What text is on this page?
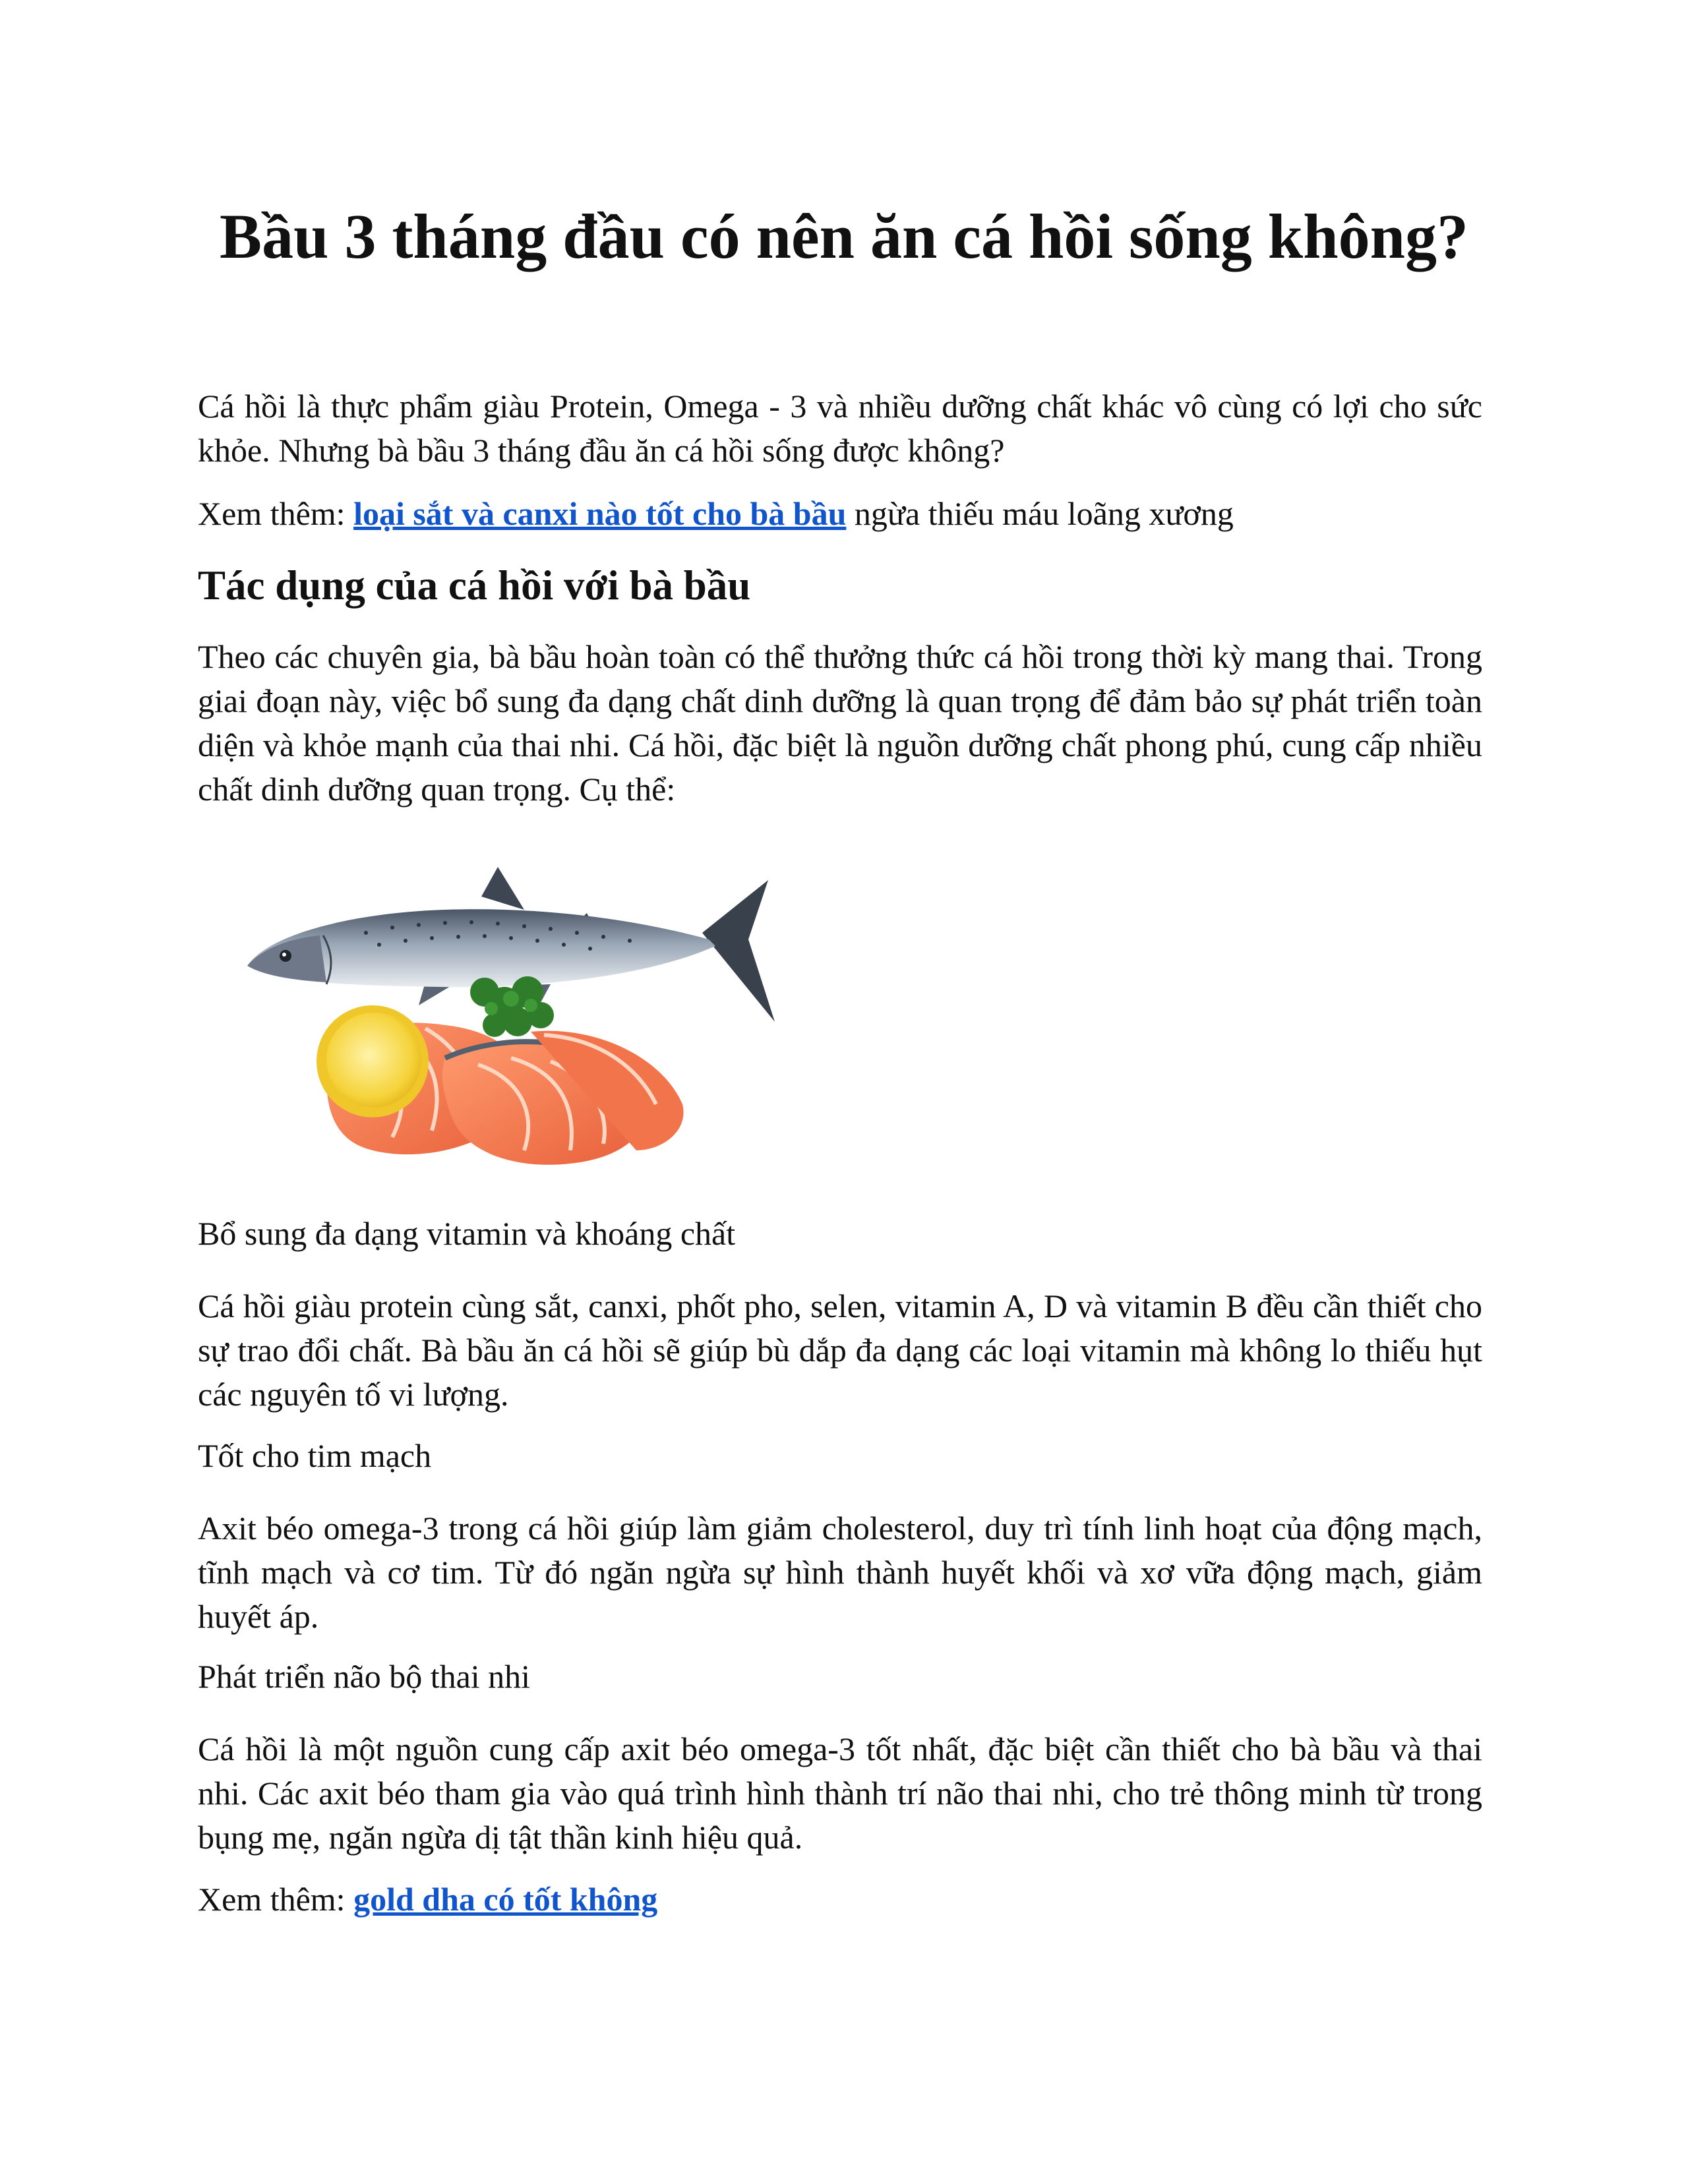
Bầu 3 tháng đầu có nên ăn cá hồi sống không?

Cá hồi là thực phẩm giàu Protein, Omega - 3 và nhiều dưỡng chất khác vô cùng có lợi cho sức khỏe. Nhưng bà bầu 3 tháng đầu ăn cá hồi sống được không?

Xem thêm: loại sắt và canxi nào tốt cho bà bầu ngừa thiếu máu loãng xương

Tác dụng của cá hồi với bà bầu

Theo các chuyên gia, bà bầu hoàn toàn có thể thưởng thức cá hồi trong thời kỳ mang thai. Trong giai đoạn này, việc bổ sung đa dạng chất dinh dưỡng là quan trọng để đảm bảo sự phát triển toàn diện và khỏe mạnh của thai nhi. Cá hồi, đặc biệt là nguồn dưỡng chất phong phú, cung cấp nhiều chất dinh dưỡng quan trọng. Cụ thể:

Bổ sung đa dạng vitamin và khoáng chất

Cá hồi giàu protein cùng sắt, canxi, phốt pho, selen, vitamin A, D và vitamin B đều cần thiết cho sự trao đổi chất. Bà bầu ăn cá hồi sẽ giúp bù dắp đa dạng các loại vitamin mà không lo thiếu hụt các nguyên tố vi lượng.

Tốt cho tim mạch

Axit béo omega-3 trong cá hồi giúp làm giảm cholesterol, duy trì tính linh hoạt của động mạch, tĩnh mạch và cơ tim. Từ đó ngăn ngừa sự hình thành huyết khối và xơ vữa động mạch, giảm huyết áp.

Phát triển não bộ thai nhi

Cá hồi là một nguồn cung cấp axit béo omega-3 tốt nhất, đặc biệt cần thiết cho bà bầu và thai nhi. Các axit béo tham gia vào quá trình hình thành trí não thai nhi, cho trẻ thông minh từ trong bụng mẹ, ngăn ngừa dị tật thần kinh hiệu quả.

Xem thêm: gold dha có tốt không
